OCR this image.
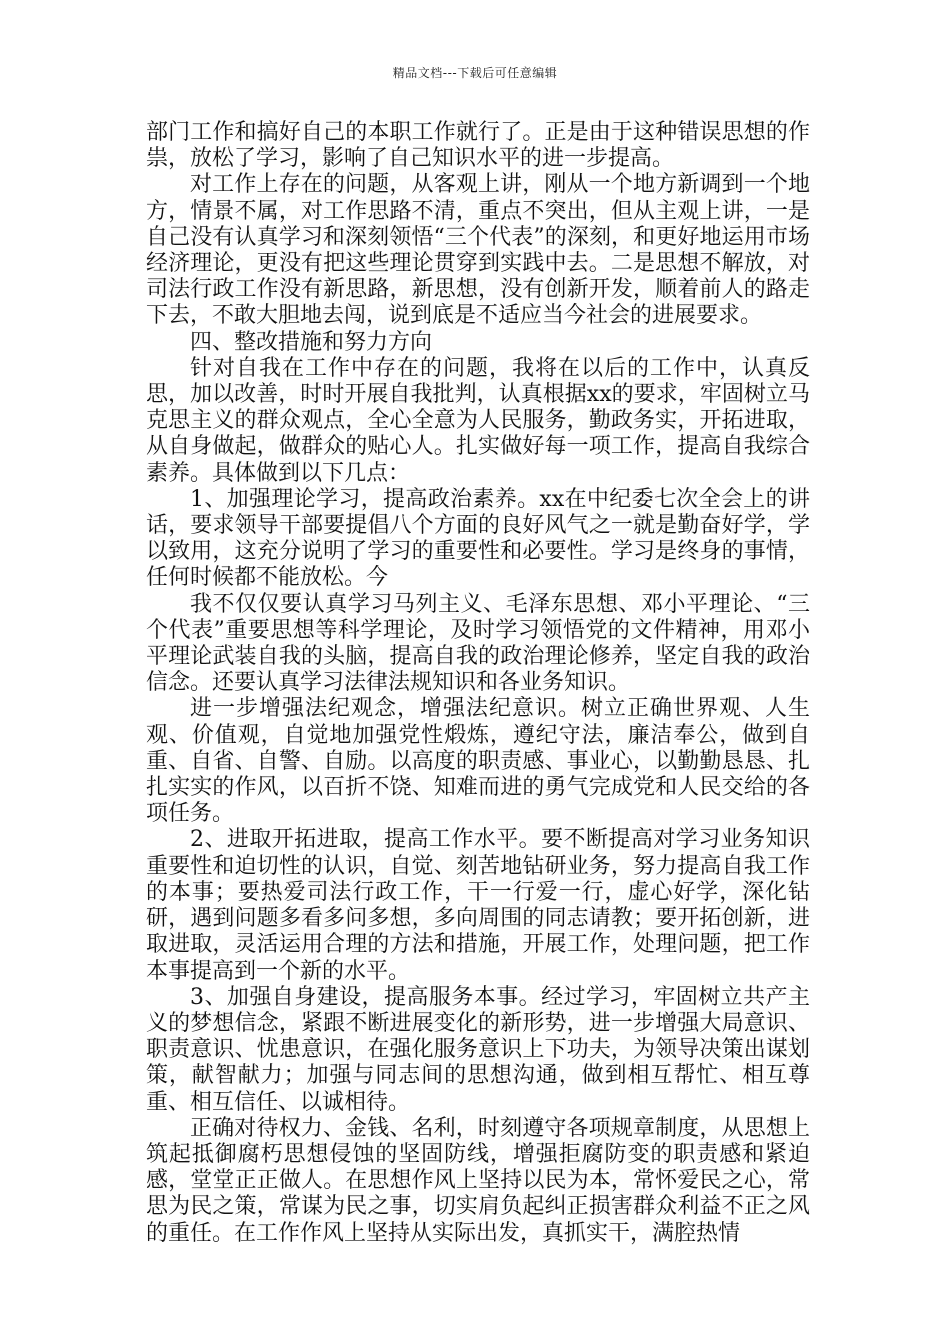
精品文档---下载后可任意编辑

部门工作和搞好自己的本职工作就行了。正是由于这种错误思想的作祟，放松了学习，影响了自己知识水平的进一步提高。

对工作上存在的问题，从客观上讲，刚从一个地方新调到一个地方，情景不属，对工作思路不清，重点不突出，但从主观上讲，一是自己没有认真学习和深刻领悟“三个代表”的深刻，和更好地运用市场经济理论，更没有把这些理论贯穿到实践中去。二是思想不解放，对司法行政工作没有新思路，新思想，没有创新开发，顺着前人的路走下去，不敢大胆地去闯，说到底是不适应当今社会的进展要求。

四、整改措施和努力方向

针对自我在工作中存在的问题，我将在以后的工作中，认真反思，加以改善，时时开展自我批判，认真根据xx的要求，牢固树立马克思主义的群众观点，全心全意为人民服务，勤政务实，开拓进取，从自身做起，做群众的贴心人。扎实做好每一项工作，提高自我综合素养。具体做到以下几点：

1、加强理论学习，提高政治素养。xx在中纪委七次全会上的讲话，要求领导干部要提倡八个方面的良好风气之一就是勤奋好学，学以致用，这充分说明了学习的重要性和必要性。学习是终身的事情，任何时候都不能放松。今

我不仅仅要认真学习马列主义、毛泽东思想、邓小平理论、“三个代表”重要思想等科学理论，及时学习领悟党的文件精神，用邓小平理论武装自我的头脑，提高自我的政治理论修养，坚定自我的政治信念。还要认真学习法律法规知识和各业务知识。

进一步增强法纪观念，增强法纪意识。树立正确世界观、人生观、价值观，自觉地加强党性煅炼，遵纪守法，廉洁奉公，做到自重、自省、自警、自励。以高度的职责感、事业心，以勤勤恳恳、扎扎实实的作风，以百折不饶、知难而进的勇气完成党和人民交给的各项任务。

2、进取开拓进取，提高工作水平。要不断提高对学习业务知识重要性和迫切性的认识，自觉、刻苦地钻研业务，努力提高自我工作的本事；要热爱司法行政工作，干一行爱一行，虚心好学，深化钻研，遇到问题多看多问多想，多向周围的同志请教；要开拓创新，进取进取，灵活运用合理的方法和措施，开展工作，处理问题，把工作本事提高到一个新的水平。

3、加强自身建设，提高服务本事。经过学习，牢固树立共产主义的梦想信念，紧跟不断进展变化的新形势，进一步增强大局意识、职责意识、忧患意识，在强化服务意识上下功夫，为领导决策出谋划策，献智献力；加强与同志间的思想沟通，做到相互帮忙、相互尊重、相互信任、以诚相待。

正确对待权力、金钱、名利，时刻遵守各项规章制度，从思想上筑起抵御腐朽思想侵蚀的坚固防线，增强拒腐防变的职责感和紧迫感，堂堂正正做人。在思想作风上坚持以民为本，常怀爱民之心，常思为民之策，常谋为民之事，切实肩负起纠正损害群众利益不正之风的重任。在工作作风上坚持从实际出发，真抓实干，满腔热情
